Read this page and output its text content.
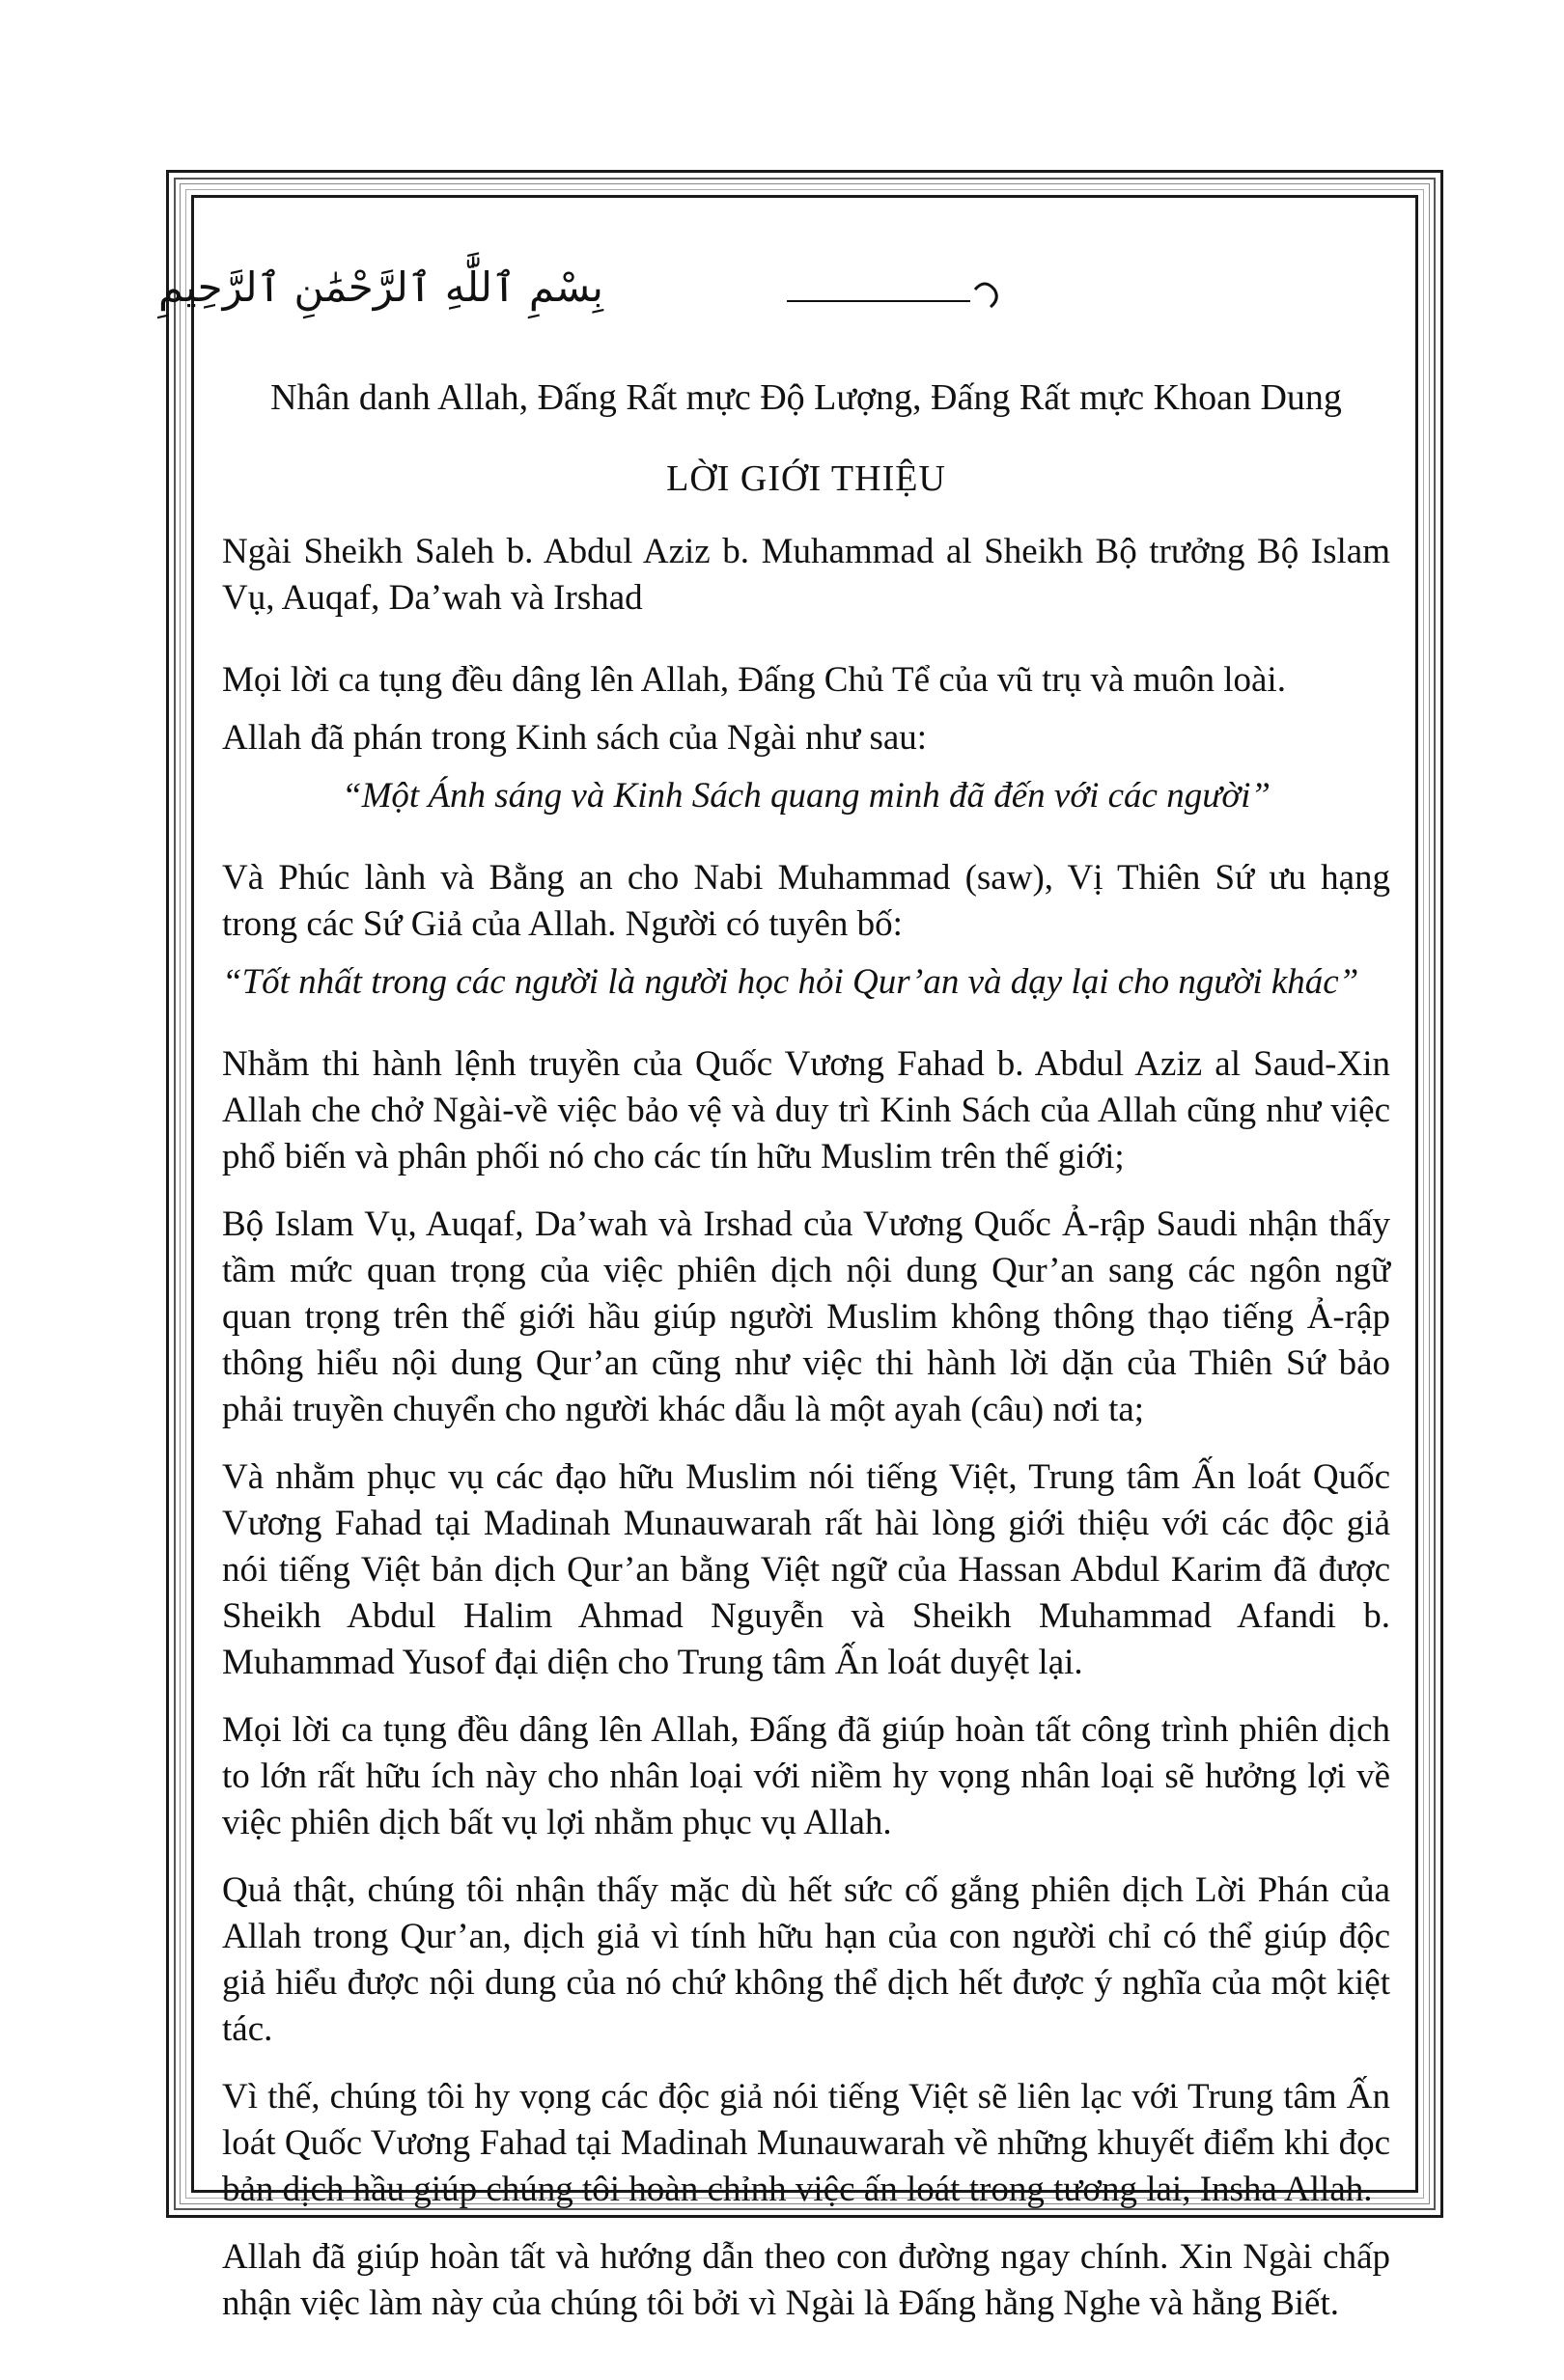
بِسْمِ ٱللَّٰهِ ٱلرَّحْمَٰنِ ٱلرَّحِيمِ
Nhân danh Allah, Đấng Rất mực Độ Lượng, Đấng Rất mực Khoan Dung
LỜI GIỚI THIỆU

Ngài Sheikh Saleh b. Abdul Aziz b. Muhammad al Sheikh Bộ trưởng Bộ Islam Vụ, Auqaf, Da’wah và Irshad

Mọi lời ca tụng đều dâng lên Allah, Đấng Chủ Tể của vũ trụ và muôn loài.

Allah đã phán trong Kinh sách của Ngài như sau:

“Một Ánh sáng và Kinh Sách quang minh đã đến với các người”

Và Phúc lành và Bằng an cho Nabi Muhammad (saw), Vị Thiên Sứ ưu hạng trong các Sứ Giả của Allah. Người có tuyên bố:

“Tốt nhất trong các người là người học hỏi Qur’an và dạy lại cho người khác”

Nhằm thi hành lệnh truyền của Quốc Vương Fahad b. Abdul Aziz al Saud-Xin Allah che chở Ngài-về việc bảo vệ và duy trì Kinh Sách của Allah cũng như việc phổ biến và phân phối nó cho các tín hữu Muslim trên thế giới;

Bộ Islam Vụ, Auqaf, Da’wah và Irshad của Vương Quốc Ả-rập Saudi nhận thấy tầm mức quan trọng của việc phiên dịch nội dung Qur’an sang các ngôn ngữ quan trọng trên thế giới hầu giúp người Muslim không thông thạo tiếng Ả-rập thông hiểu nội dung Qur’an cũng như việc thi hành lời dặn của Thiên Sứ bảo phải truyền chuyển cho người khác dẫu là một ayah (câu) nơi ta;

Và nhằm phục vụ các đạo hữu Muslim nói tiếng Việt, Trung tâm Ấn loát Quốc Vương Fahad tại Madinah Munauwarah rất hài lòng giới thiệu với các độc giả nói tiếng Việt bản dịch Qur’an bằng Việt ngữ của Hassan Abdul Karim đã được Sheikh Abdul Halim Ahmad Nguyễn và Sheikh Muhammad Afandi b. Muhammad Yusof đại diện cho Trung tâm Ấn loát duyệt lại.

Mọi lời ca tụng đều dâng lên Allah, Đấng đã giúp hoàn tất công trình phiên dịch to lớn rất hữu ích này cho nhân loại với niềm hy vọng nhân loại sẽ hưởng lợi về việc phiên dịch bất vụ lợi nhằm phục vụ Allah.

Quả thật, chúng tôi nhận thấy mặc dù hết sức cố gắng phiên dịch Lời Phán của Allah trong Qur’an, dịch giả vì tính hữu hạn của con người chỉ có thể giúp độc giả hiểu được nội dung của nó chứ không thể dịch hết được ý nghĩa của một kiệt tác.

Vì thế, chúng tôi hy vọng các độc giả nói tiếng Việt sẽ liên lạc với Trung tâm Ấn loát Quốc Vương Fahad tại Madinah Munauwarah về những khuyết điểm khi đọc bản dịch hầu giúp chúng tôi hoàn chỉnh việc ấn loát trong tương lai, Insha Allah.

Allah đã giúp hoàn tất và hướng dẫn theo con đường ngay chính. Xin Ngài chấp nhận việc làm này của chúng tôi bởi vì Ngài là Đấng hằng Nghe và hằng Biết.
